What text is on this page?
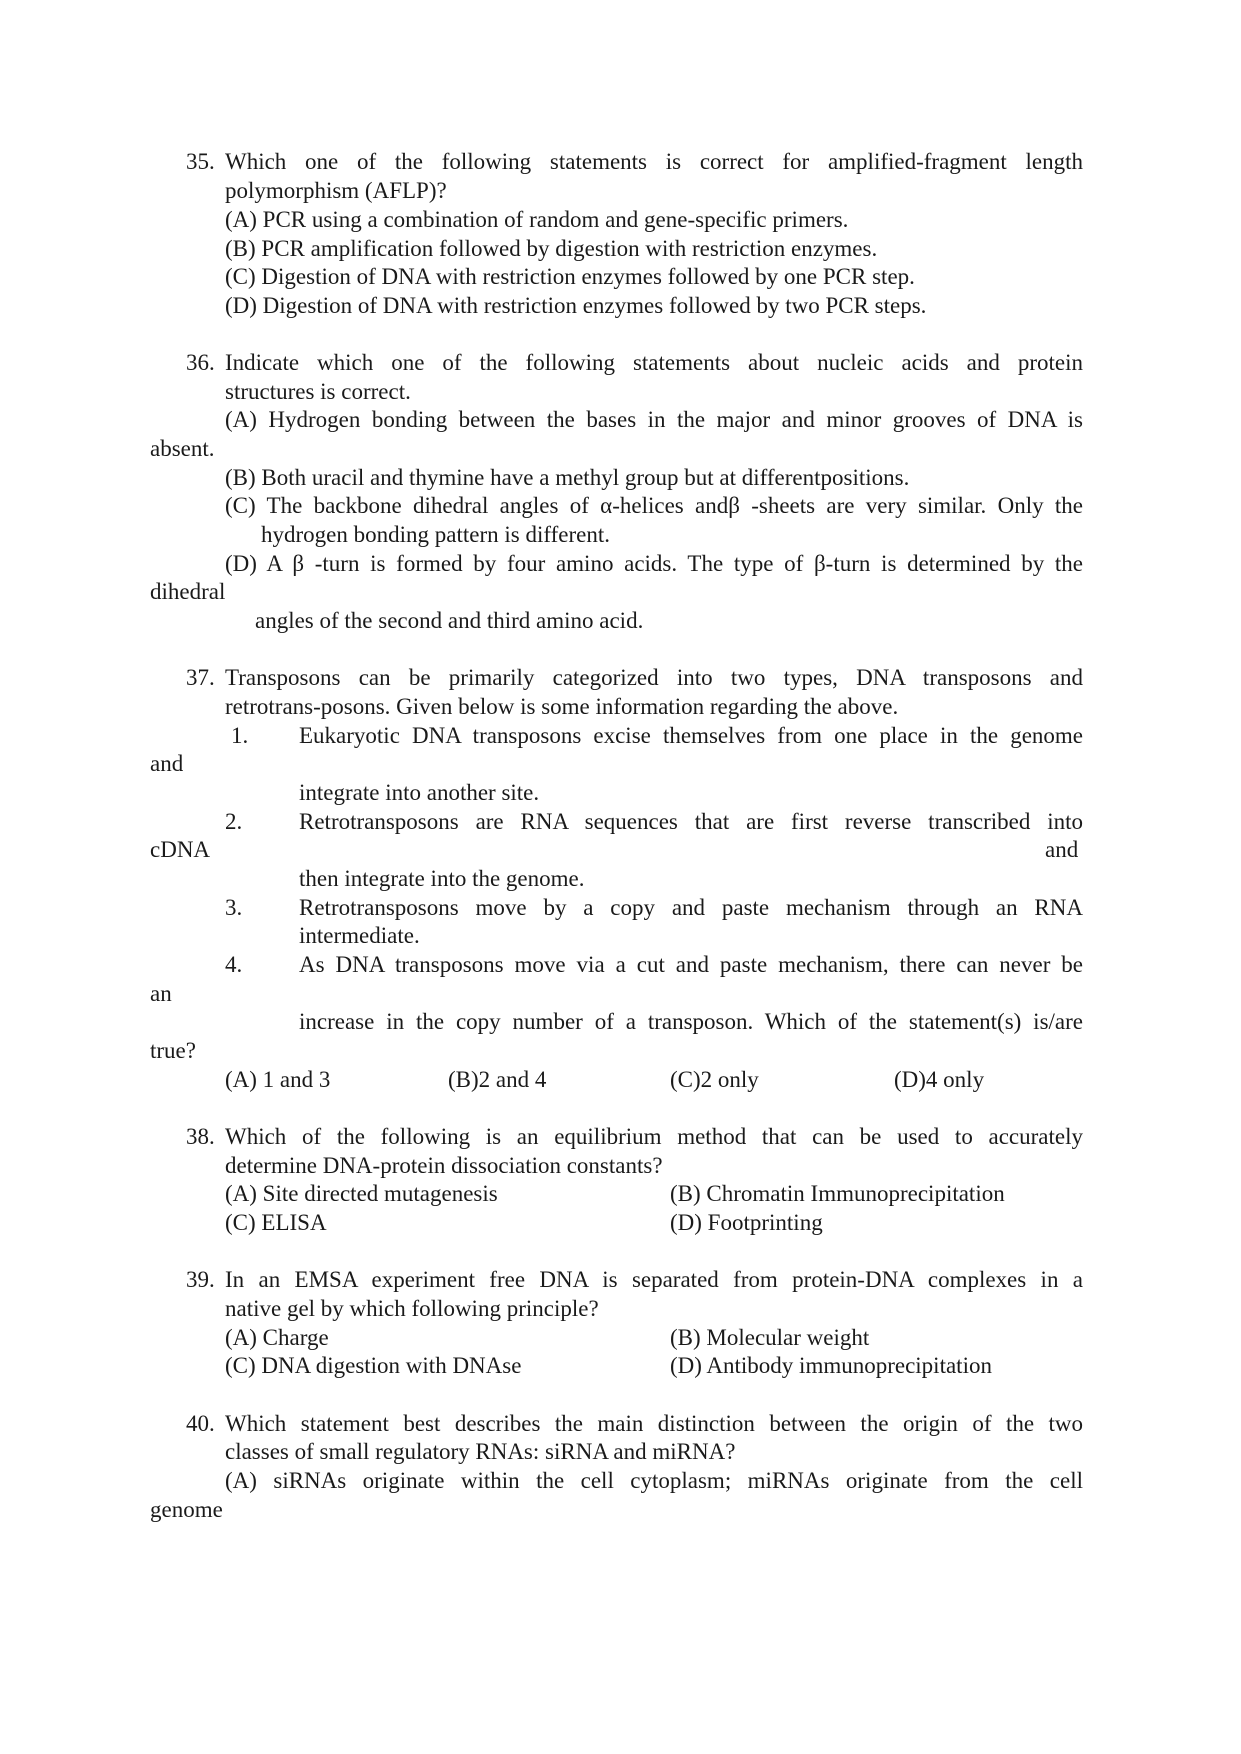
35. Which one of the following statements is correct for amplified-fragment length
polymorphism (AFLP)?
(A) PCR using a combination of random and gene-specific primers.
(B) PCR amplification followed by digestion with restriction enzymes.
(C) Digestion of DNA with restriction enzymes followed by one PCR step.
(D) Digestion of DNA with restriction enzymes followed by two PCR steps.
36. Indicate which one of the following statements about nucleic acids and protein
structures is correct.
(A) Hydrogen bonding between the bases in the major and minor grooves of DNA is
absent.
(B) Both uracil and thymine have a methyl group but at differentpositions.
(C) The backbone dihedral angles of α-helices andβ -sheets are very similar. Only the
hydrogen bonding pattern is different.
(D) A β -turn is formed by four amino acids. The type of β-turn is determined by the
dihedral
angles of the second and third amino acid.
37. Transposons can be primarily categorized into two types, DNA transposons and
retrotrans-posons. Given below is some information regarding the above.
1. Eukaryotic DNA transposons excise themselves from one place in the genome
and
integrate into another site.
2. Retrotransposons are RNA sequences that are first reverse transcribed into
cDNA	and
then integrate into the genome.
3. Retrotransposons move by a copy and paste mechanism through an RNA
intermediate.
4. As DNA transposons move via a cut and paste mechanism, there can never be
an
increase in the copy number of a transposon. Which of the statement(s) is/are
true?
(A) 1 and 3	(B)2 and 4	(C)2 only	(D)4 only
38. Which of the following is an equilibrium method that can be used to accurately
determine DNA-protein dissociation constants?
(A) Site directed mutagenesis	(B) Chromatin Immunoprecipitation
(C) ELISA	(D) Footprinting
39. In an EMSA experiment free DNA is separated from protein-DNA complexes in a
native gel by which following principle?
(A) Charge	(B) Molecular weight
(C) DNA digestion with DNAse	(D) Antibody immunoprecipitation
40. Which statement best describes the main distinction between the origin of the two
classes of small regulatory RNAs: siRNA and miRNA?
(A) siRNAs originate within the cell cytoplasm; miRNAs originate from the cell
genome
